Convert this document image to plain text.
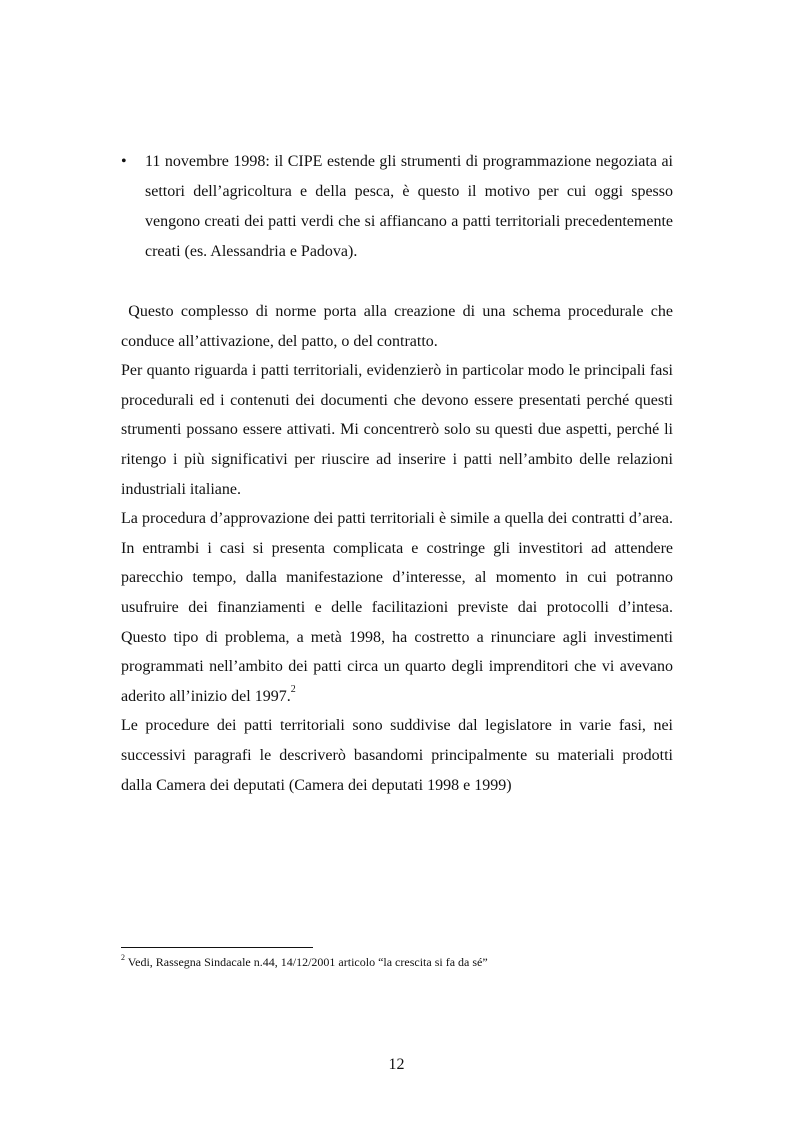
•	11 novembre 1998: il CIPE estende gli strumenti di programmazione negoziata ai settori dell’agricoltura e della pesca, è questo il motivo per cui oggi spesso vengono creati dei patti verdi che si affiancano a patti territoriali precedentemente creati (es. Alessandria e Padova).

Questo complesso di norme porta alla creazione di una schema procedurale che conduce all’attivazione, del patto, o del contratto.

Per quanto riguarda i patti territoriali, evidenzierò in particolar modo le principali fasi procedurali ed i contenuti dei documenti che devono essere presentati perché questi strumenti possano essere attivati. Mi concentrerò solo su questi due aspetti, perché li ritengo i più significativi per riuscire ad inserire i patti nell’ambito delle relazioni industriali italiane.

La procedura d’approvazione dei patti territoriali è simile a quella dei contratti d’area. In entrambi i casi si presenta complicata e costringe gli investitori ad attendere parecchio tempo, dalla manifestazione d’interesse, al momento in cui potranno usufruire dei finanziamenti e delle facilitazioni previste dai protocolli d’intesa. Questo tipo di problema, a metà 1998, ha costretto a rinunciare agli investimenti programmati nell’ambito dei patti circa un quarto degli imprenditori che vi avevano aderito all’inizio del 1997.$^2$

Le procedure dei patti territoriali sono suddivise dal legislatore in varie fasi, nei successivi paragrafi le descriverò basandomi principalmente su materiali prodotti dalla Camera dei deputati (Camera dei deputati 1998 e 1999)

$^2$ Vedi, Rassegna Sindacale n.44, 14/12/2001 articolo “la crescita si fa da sé”
12
